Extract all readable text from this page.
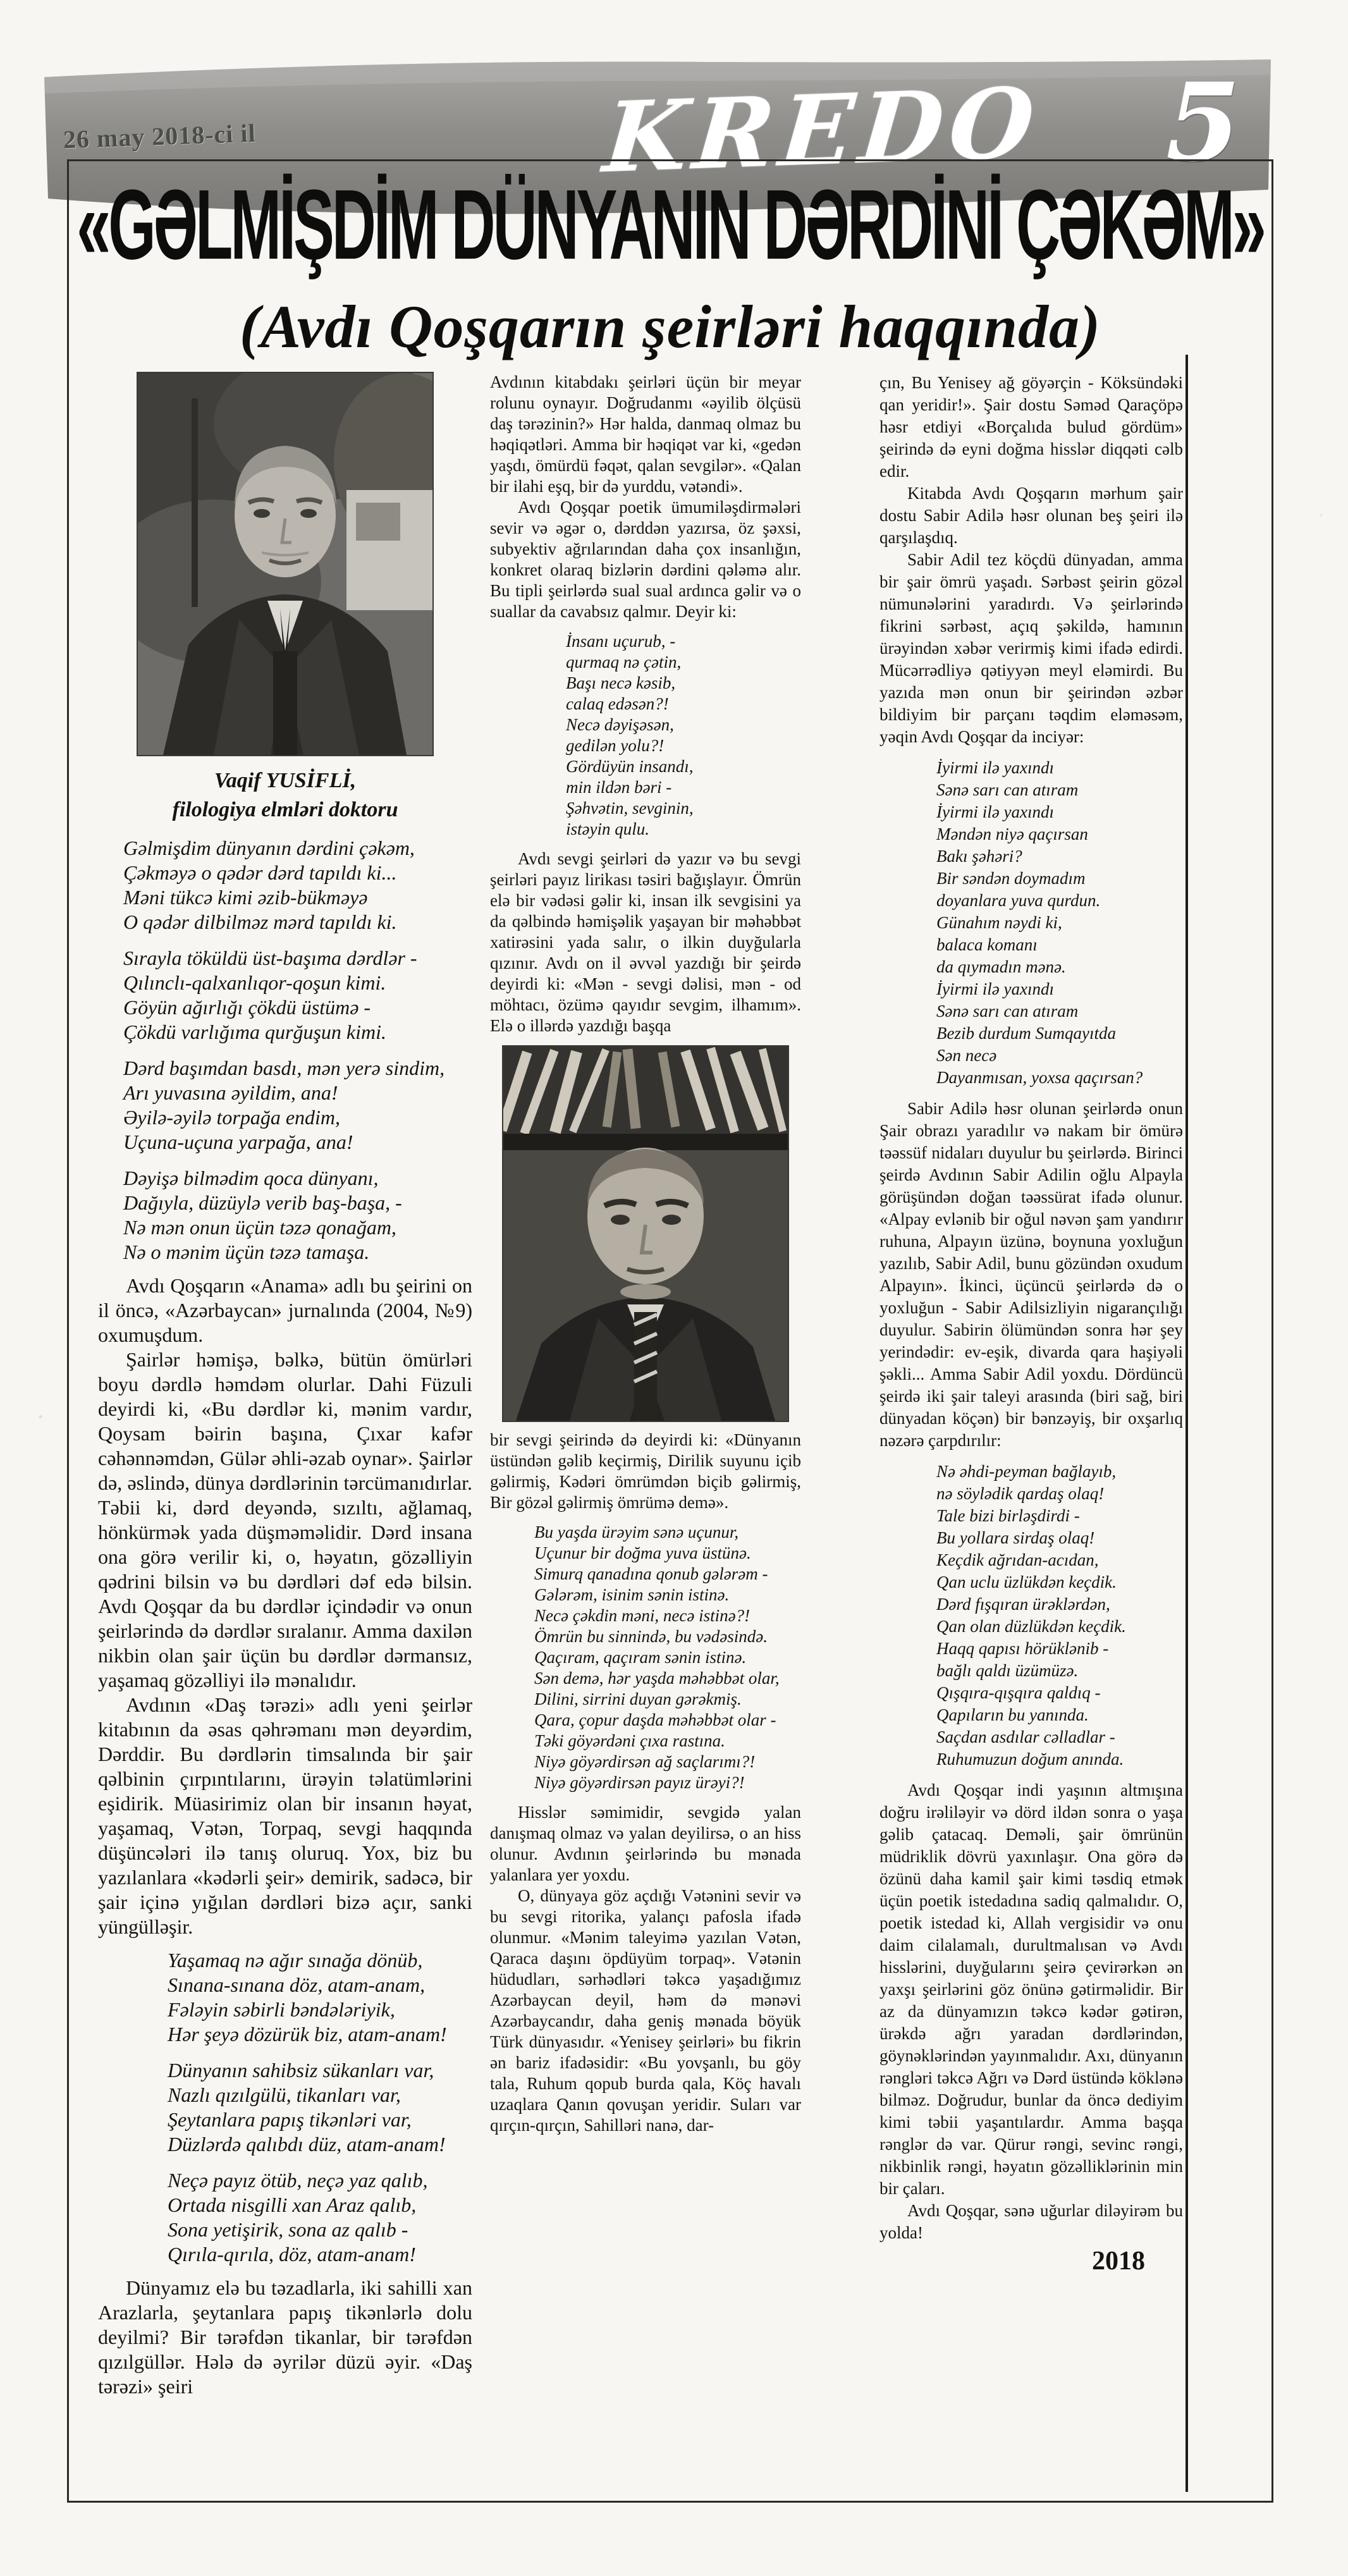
26 may 2018-ci il	KREDO 5
«GƏLMİŞDİM DÜNYANIN DƏRDİNİ ÇƏKƏM»
(Avdı Qoşqarın şeirləri haqqında)
Vaqif YUSİFLİ,
filologiya elmləri doktoru
Gəlmişdim dünyanın dərdini çəkəm,
Çəkməyə o qədər dərd tapıldı ki...
Məni tükcə kimi əzib-bükməyə
O qədər dilbilməz mərd tapıldı ki.
Sırayla töküldü üst-başıma dərdlər -
Qılınclı-qalxanlıqor-qoşun kimi.
Göyün ağırlığı çökdü üstümə -
Çökdü varlığıma qurğuşun kimi.
Dərd başımdan basdı, mən yerə sindim,
Arı yuvasına əyildim, ana!
Əyilə-əyilə torpağa endim,
Uçuna-uçuna yarpağa, ana!
Dəyişə bilmədim qoca dünyanı,
Dağıyla, düzüylə verib baş-başa, -
Nə mən onun üçün təzə qonağam,
Nə o mənim üçün təzə tamaşa.

Avdı Qoşqarın «Anama» adlı bu şeirini on il öncə, «Azərbaycan» jurnalında (2004, №9) oxumuşdum.

Şairlər həmişə, bəlkə, bütün ömürləri boyu dərdlə həmdəm olurlar. Dahi Füzuli deyirdi ki, «Bu dərdlər ki, mənim vardır, Qoysam bəirin başına, Çıxar kafər cəhənnəmdən, Gülər əhli-əzab oynar». Şairlər də, əslində, dünya dərdlərinin tərcümanıdırlar. Təbii ki, dərd deyəndə, sızıltı, ağlamaq, hönkürmək yada düşməməlidir. Dərd insana ona görə verilir ki, o, həyatın, gözəlliyin qədrini bilsin və bu dərdləri dəf edə bilsin. Avdı Qoşqar da bu dərdlər içindədir və onun şeirlərində də dərdlər sıralanır. Amma daxilən nikbin olan şair üçün bu dərdlər dərmansız, yaşamaq gözəlliyi ilə mənalıdır.

Avdının «Daş tərəzi» adlı yeni şeirlər kitabının da əsas qəhrəmanı mən deyərdim, Dərddir. Bu dərdlərin timsalında bir şair qəlbinin çırpıntılarını, ürəyin təlatümlərini eşidirik. Müasirimiz olan bir insanın həyat, yaşamaq, Vətən, Torpaq, sevgi haqqında düşüncələri ilə tanış oluruq. Yox, biz bu yazılanlara «kədərli şeir» demirik, sadəcə, bir şair içinə yığılan dərdləri bizə açır, sanki yüngülləşir.

Yaşamaq nə ağır sınağa dönüb,
Sınana-sınana döz, atam-anam,
Fələyin səbirli bəndələriyik,
Hər şeyə dözürük biz, atam-anam!
Dünyanın sahibsiz sükanları var,
Nazlı qızılgülü, tikanları var,
Şeytanlara papış tikənləri var,
Düzlərdə qalıbdı düz, atam-anam!
Neçə payız ötüb, neçə yaz qalıb,
Ortada nisgilli xan Araz qalıb,
Sona yetişirik, sona az qalıb -
Qırıla-qırıla, döz, atam-anam!

Dünyamız elə bu təzadlarla, iki sahilli xan Arazlarla, şeytanlara papış tikənlərlə dolu deyilmi? Bir tərəfdən tikanlar, bir tərəfdən qızılgüllər. Hələ də əyrilər düzü əyir. «Daş tərəzi» şeiri

Avdının kitabdakı şeirləri üçün bir meyar rolunu oynayır. Doğrudanmı «əyilib ölçüsü daş tərəzinin?» Hər halda, danmaq olmaz bu həqiqətləri. Amma bir həqiqət var ki, «gedən yaşdı, ömürdü fəqət, qalan sevgilər». «Qalan bir ilahi eşq, bir də yurddu, vətəndi».

Avdı Qoşqar poetik ümumiləşdirmələri sevir və əgər o, dərddən yazırsa, öz şəxsi, subyektiv ağrılarından daha çox insanlığın, konkret olaraq bizlərin dərdini qələmə alır. Bu tipli şeirlərdə sual sual ardınca gəlir və o suallar da cavabsız qalmır. Deyir ki:

İnsanı uçurub, -
qurmaq nə çətin,
Başı necə kəsib,
calaq edəsən?!
Necə dəyişəsən,
gedilən yolu?!
Gördüyün insandı,
min ildən bəri -
Şəhvətin, sevginin,
istəyin qulu.

Avdı sevgi şeirləri də yazır və bu sevgi şeirləri payız lirikası təsiri bağışlayır. Ömrün elə bir vədəsi gəlir ki, insan ilk sevgisini ya da qəlbində həmişəlik yaşayan bir məhəbbət xatirəsini yada salır, o ilkin duyğularla qızınır. Avdı on il əvvəl yazdığı bir şeirdə deyirdi ki: «Mən - sevgi dəlisi, mən - od möhtacı, özümə qayıdır sevgim, ilhamım». Elə o illərdə yazdığı başqa

bir sevgi şeirində də deyirdi ki: «Dünyanın üstündən gəlib keçirmiş, Dirilik suyunu içib gəlirmiş, Kədəri ömrümdən biçib gəlirmiş, Bir gözəl gəlirmiş ömrümə demə».

Bu yaşda ürəyim sənə uçunur,
Uçunur bir doğma yuva üstünə.
Simurq qanadına qonub gələrəm -
Gələrəm, isinim sənin istinə.
Necə çəkdin məni, necə istinə?!
Ömrün bu sinnində, bu vədəsində.
Qaçıram, qaçıram sənin istinə.
Sən demə, hər yaşda məhəbbət olar,
Dilini, sirrini duyan gərəkmiş.
Qara, çopur daşda məhəbbət olar -
Təki göyərdəni çıxa rastına.
Niyə göyərdirsən ağ saçlarımı?!
Niyə göyərdirsən payız ürəyi?!

Hisslər səmimidir, sevgidə yalan danışmaq olmaz və yalan deyilirsə, o an hiss olunur. Avdının şeirlərində bu mənada yalanlara yer yoxdu.

O, dünyaya göz açdığı Vətənini sevir və bu sevgi ritorika, yalançı pafosla ifadə olunmur. «Mənim taleyimə yazılan Vətən, Qaraca daşını öpdüyüm torpaq». Vətənin hüdudları, sərhədləri təkcə yaşadığımız Azərbaycan deyil, həm də mənəvi Azərbaycandır, daha geniş mənada böyük Türk dünyasıdır. «Yenisey şeirləri» bu fikrin ən bariz ifadəsidir: «Bu yovşanlı, bu göy tala, Ruhum qopub burda qala, Köç havalı uzaqlara Qanın qovuşan yeridir. Suları var qırçın-qırçın, Sahilləri nanə, dar-

çın, Bu Yenisey ağ göyərçin - Köksündəki qan yeridir!». Şair dostu Səməd Qaraçöpə həsr etdiyi «Borçalıda bulud gördüm» şeirində də eyni doğma hisslər diqqəti cəlb edir.

Kitabda Avdı Qoşqarın mərhum şair dostu Sabir Adilə həsr olunan beş şeiri ilə qarşılaşdıq.

Sabir Adil tez köçdü dünyadan, amma bir şair ömrü yaşadı. Sərbəst şeirin gözəl nümunələrini yaradırdı. Və şeirlərində fikrini sərbəst, açıq şəkildə, hamının ürəyindən xəbər verirmiş kimi ifadə edirdi. Mücərrədliyə qətiyyən meyl eləmirdi. Bu yazıda mən onun bir şeirindən əzbər bildiyim bir parçanı təqdim eləməsəm, yəqin Avdı Qoşqar da inciyər:

İyirmi ilə yaxındı
Sənə sarı can atıram
İyirmi ilə yaxındı
Məndən niyə qaçırsan
Bakı şəhəri?
Bir səndən doymadım
doyanlara yuva qurdun.
Günahım nəydi ki,
balaca komanı
da qıymadın mənə.
İyirmi ilə yaxındı
Sənə sarı can atıram
Bezib durdum Sumqayıtda
Sən necə
Dayanmısan, yoxsa qaçırsan?

Sabir Adilə həsr olunan şeirlərdə onun Şair obrazı yaradılır və nakam bir ömürə təəssüf nidaları duyulur bu şeirlərdə. Birinci şeirdə Avdının Sabir Adilin oğlu Alpayla görüşündən doğan təəssürat ifadə olunur. «Alpay evlənib bir oğul nəvən şam yandırır ruhuna, Alpayın üzünə, boynuna yoxluğun yazılıb, Sabir Adil, bunu gözündən oxudum Alpayın». İkinci, üçüncü şeirlərdə də o yoxluğun - Sabir Adilsizliyin nigarançılığı duyulur. Sabirin ölümündən sonra hər şey yerindədir: ev-eşik, divarda qara haşiyəli şəkli... Amma Sabir Adil yoxdu. Dördüncü şeirdə iki şair taleyi arasında (biri sağ, biri dünyadan köçən) bir bənzəyiş, bir oxşarlıq nəzərə çarpdırılır:

Nə əhdi-peyman bağlayıb,
nə söylədik qardaş olaq!
Tale bizi birləşdirdi -
Bu yollara sirdaş olaq!
Keçdik ağrıdan-acıdan,
Qan uclu üzlükdən keçdik.
Dərd fışqıran ürəklərdən,
Qan olan düzlükdən keçdik.
Haqq qapısı hörüklənib -
bağlı qaldı üzümüzə.
Qışqıra-qışqıra qaldıq -
Qapıların bu yanında.
Saçdan asdılar cəlladlar -
Ruhumuzun doğum anında.

Avdı Qoşqar indi yaşının altmışına doğru irəliləyir və dörd ildən sonra o yaşa gəlib çatacaq. Deməli, şair ömrünün müdriklik dövrü yaxınlaşır. Ona görə də özünü daha kamil şair kimi təsdiq etmək üçün poetik istedadına sadiq qalmalıdır. O, poetik istedad ki, Allah vergisidir və onu daim cilalamalı, durultmalısan və Avdı hisslərini, duyğularını şeirə çevirərkən ən yaxşı şeirlərini göz önünə gətirməlidir. Bir az da dünyamızın təkcə kədər gətirən, ürəkdə ağrı yaradan dərdlərindən, göynəklərindən yayınmalıdır. Axı, dünyanın rəngləri təkcə Ağrı və Dərd üstündə köklənə bilməz. Doğrudur, bunlar da öncə dediyim kimi təbii yaşantılardır. Amma başqa rənglər də var. Qürur rəngi, sevinc rəngi, nikbinlik rəngi, həyatın gözəlliklərinin min bir çaları.

Avdı Qoşqar, sənə uğurlar diləyirəm bu yolda!

2018
